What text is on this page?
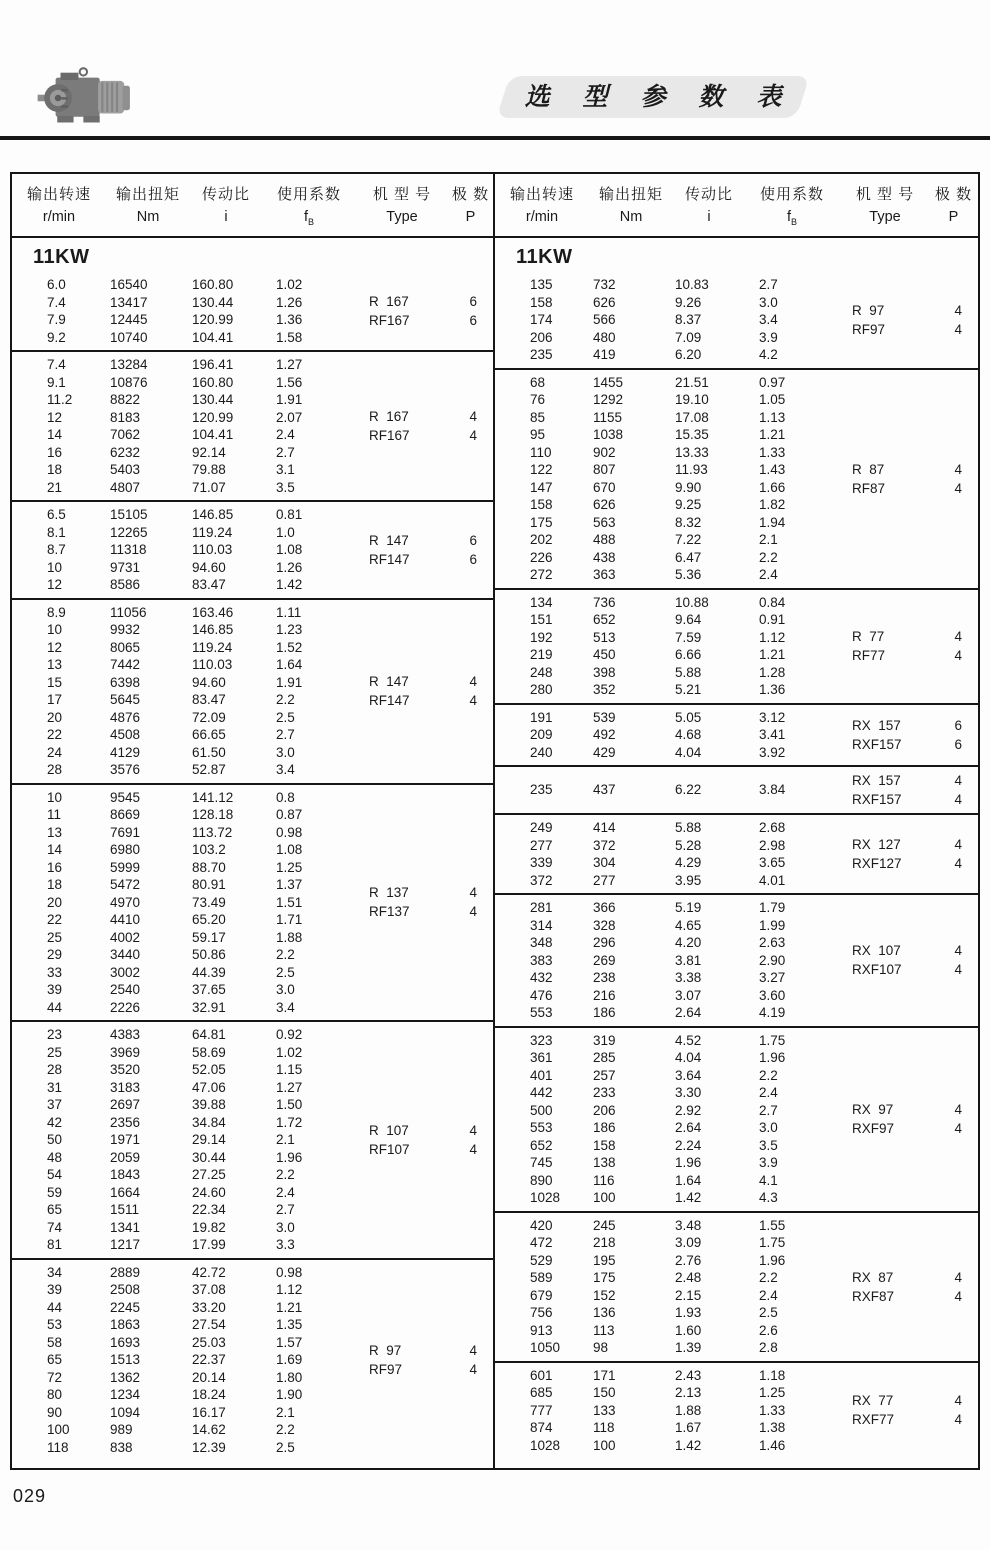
选 型 参 数 表
输出转速	输出扭矩	传动比	使用系数	机 型 号	极 数
r/min	Nm	i	$f_B$	Type	P
11KW
6.0	16540	160.80	1.02
7.4	13417	130.44	1.26
7.9	12445	120.99	1.36
9.2	10740	104.41	1.58
R  167	6
RF167	6
7.4	13284	196.41	1.27
9.1	10876	160.80	1.56
11.2	8822	130.44	1.91
12	8183	120.99	2.07
14	7062	104.41	2.4
16	6232	92.14	2.7
18	5403	79.88	3.1
21	4807	71.07	3.5
R  167	4
RF167	4
6.5	15105	146.85	0.81
8.1	12265	119.24	1.0
8.7	11318	110.03	1.08
10	9731	94.60	1.26
12	8586	83.47	1.42
R  147	6
RF147	6
8.9	11056	163.46	1.11
10	9932	146.85	1.23
12	8065	119.24	1.52
13	7442	110.03	1.64
15	6398	94.60	1.91
17	5645	83.47	2.2
20	4876	72.09	2.5
22	4508	66.65	2.7
24	4129	61.50	3.0
28	3576	52.87	3.4
R  147	4
RF147	4
10	9545	141.12	0.8
11	8669	128.18	0.87
13	7691	113.72	0.98
14	6980	103.2	1.08
16	5999	88.70	1.25
18	5472	80.91	1.37
20	4970	73.49	1.51
22	4410	65.20	1.71
25	4002	59.17	1.88
29	3440	50.86	2.2
33	3002	44.39	2.5
39	2540	37.65	3.0
44	2226	32.91	3.4
R  137	4
RF137	4
23	4383	64.81	0.92
25	3969	58.69	1.02
28	3520	52.05	1.15
31	3183	47.06	1.27
37	2697	39.88	1.50
42	2356	34.84	1.72
50	1971	29.14	2.1
48	2059	30.44	1.96
54	1843	27.25	2.2
59	1664	24.60	2.4
65	1511	22.34	2.7
74	1341	19.82	3.0
81	1217	17.99	3.3
R  107	4
RF107	4
34	2889	42.72	0.98
39	2508	37.08	1.12
44	2245	33.20	1.21
53	1863	27.54	1.35
58	1693	25.03	1.57
65	1513	22.37	1.69
72	1362	20.14	1.80
80	1234	18.24	1.90
90	1094	16.17	2.1
100	989	14.62	2.2
118	838	12.39	2.5
R  97	4
RF97	4
输出转速	输出扭矩	传动比	使用系数	机 型 号	极 数
r/min	Nm	i	$f_B$	Type	P
11KW
135	732	10.83	2.7
158	626	9.26	3.0
174	566	8.37	3.4
206	480	7.09	3.9
235	419	6.20	4.2
R  97	4
RF97	4
68	1455	21.51	0.97
76	1292	19.10	1.05
85	1155	17.08	1.13
95	1038	15.35	1.21
110	902	13.33	1.33
122	807	11.93	1.43
147	670	9.90	1.66
158	626	9.25	1.82
175	563	8.32	1.94
202	488	7.22	2.1
226	438	6.47	2.2
272	363	5.36	2.4
R  87	4
RF87	4
134	736	10.88	0.84
151	652	9.64	0.91
192	513	7.59	1.12
219	450	6.66	1.21
248	398	5.88	1.28
280	352	5.21	1.36
R  77	4
RF77	4
191	539	5.05	3.12
209	492	4.68	3.41
240	429	4.04	3.92
RX  157	6
RXF157	6
235	437	6.22	3.84
RX  157	4
RXF157	4
249	414	5.88	2.68
277	372	5.28	2.98
339	304	4.29	3.65
372	277	3.95	4.01
RX  127	4
RXF127	4
281	366	5.19	1.79
314	328	4.65	1.99
348	296	4.20	2.63
383	269	3.81	2.90
432	238	3.38	3.27
476	216	3.07	3.60
553	186	2.64	4.19
RX  107	4
RXF107	4
323	319	4.52	1.75
361	285	4.04	1.96
401	257	3.64	2.2
442	233	3.30	2.4
500	206	2.92	2.7
553	186	2.64	3.0
652	158	2.24	3.5
745	138	1.96	3.9
890	116	1.64	4.1
1028	100	1.42	4.3
RX  97	4
RXF97	4
420	245	3.48	1.55
472	218	3.09	1.75
529	195	2.76	1.96
589	175	2.48	2.2
679	152	2.15	2.4
756	136	1.93	2.5
913	113	1.60	2.6
1050	98	1.39	2.8
RX  87	4
RXF87	4
601	171	2.43	1.18
685	150	2.13	1.25
777	133	1.88	1.33
874	118	1.67	1.38
1028	100	1.42	1.46
RX  77	4
RXF77	4
029
